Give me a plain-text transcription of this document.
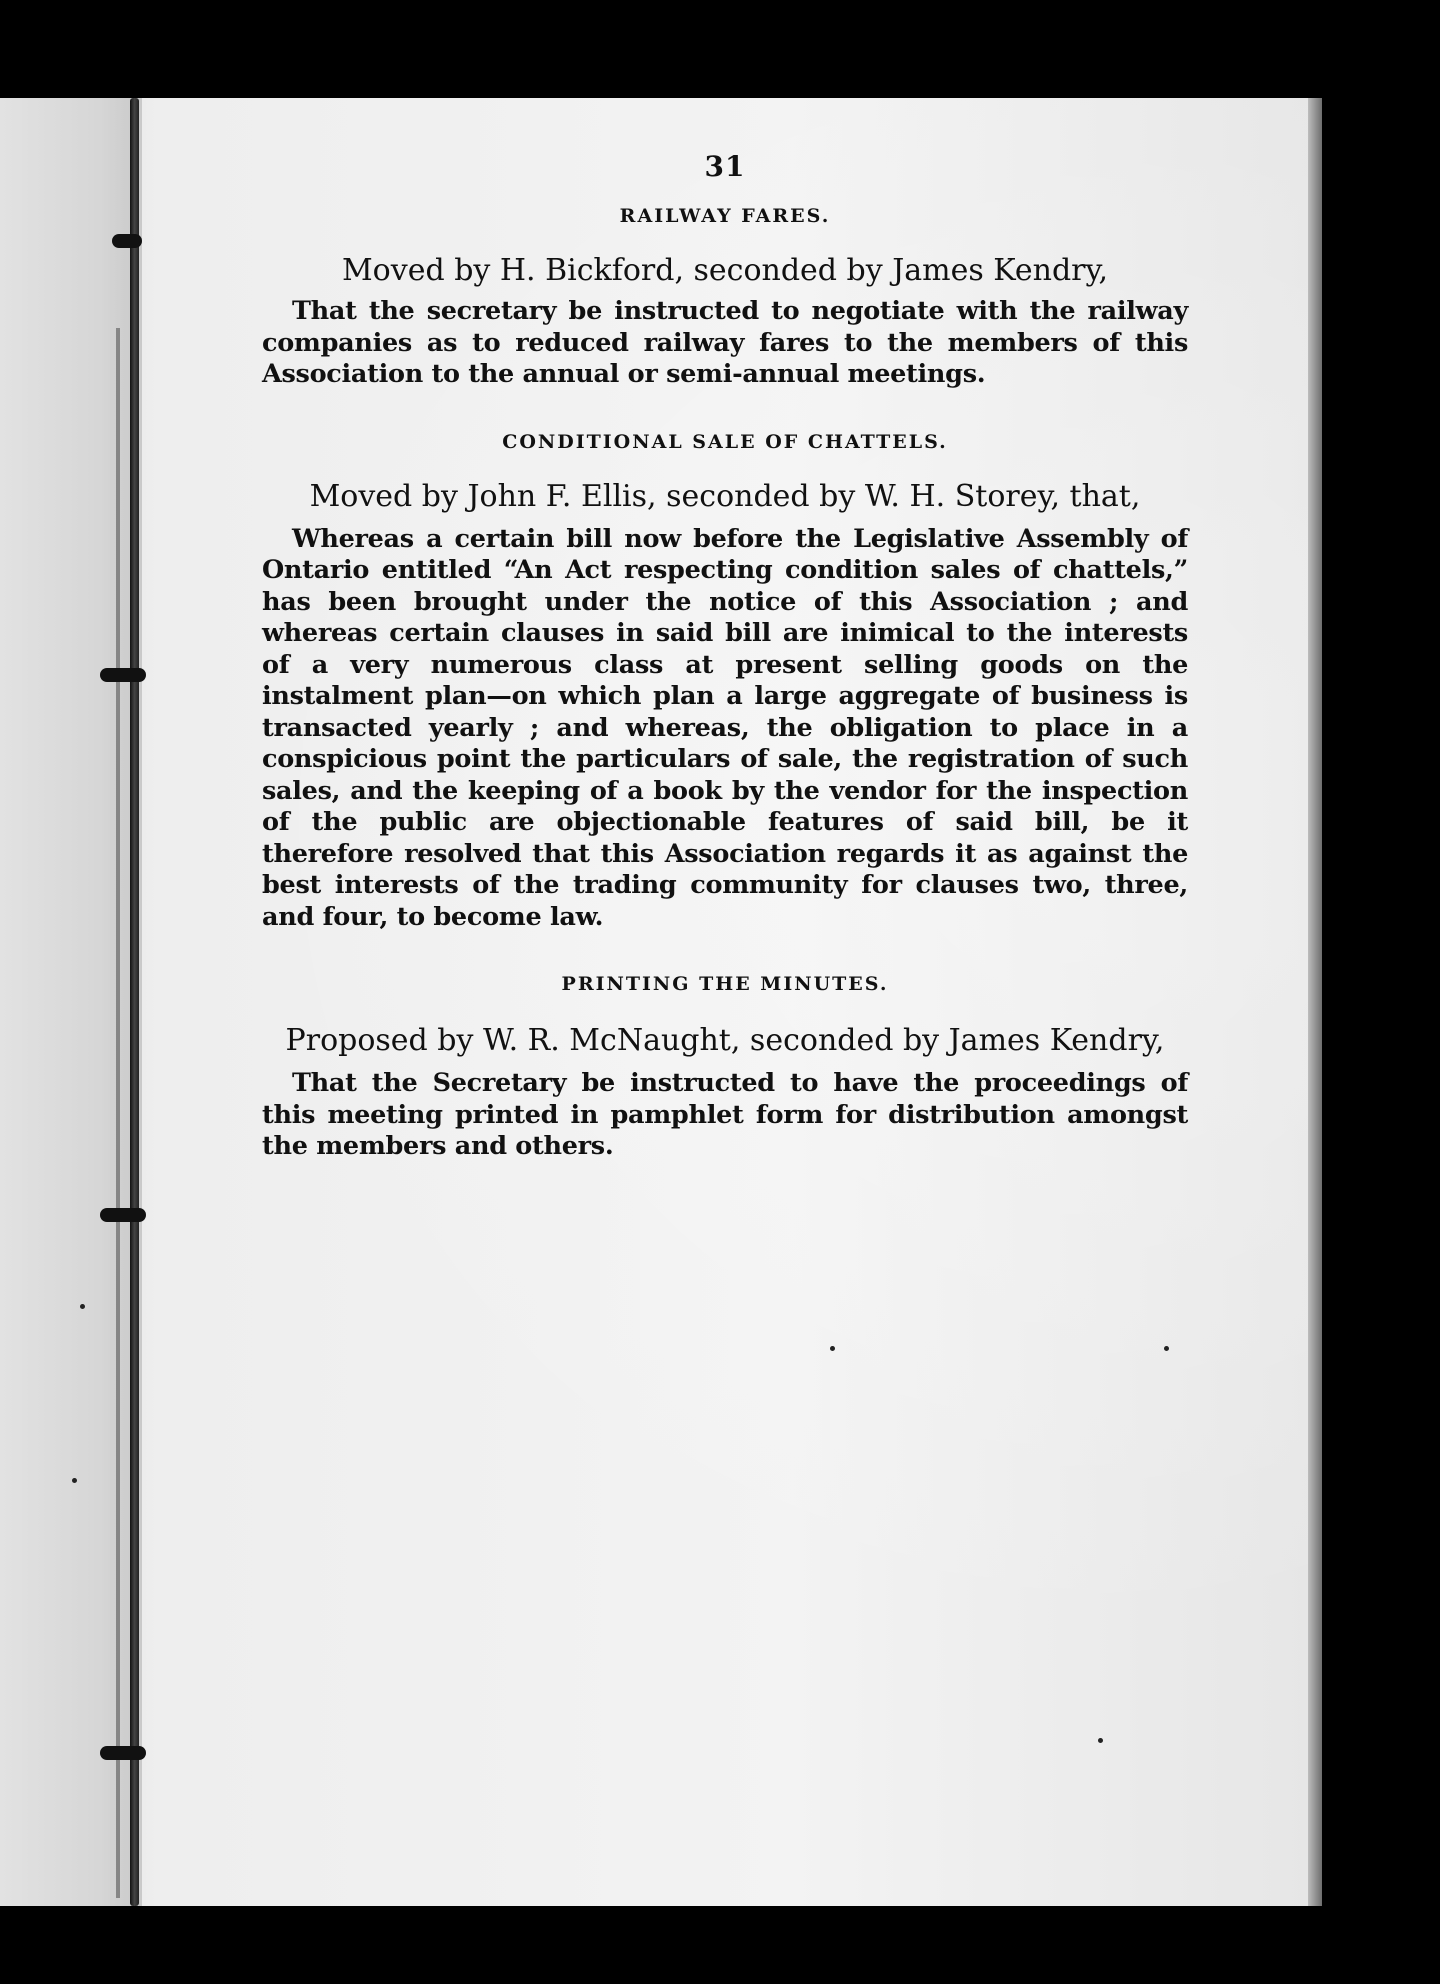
31
RAILWAY FARES.
Moved by H. Bickford, seconded by James Kendry,
That the secretary be instructed to negotiate with the railway companies as to reduced railway fares to the members of this Association to the annual or semi-annual meetings.
CONDITIONAL SALE OF CHATTELS.
Moved by John F. Ellis, seconded by W. H. Storey, that,
Whereas a certain bill now before the Legislative Assembly of Ontario entitled “An Act respecting condition sales of chattels,” has been brought under the notice of this Association ; and whereas certain clauses in said bill are inimical to the interests of a very numerous class at present selling goods on the instalment plan—on which plan a large aggregate of business is transacted yearly ; and whereas, the obligation to place in a conspicious point the particulars of sale, the registration of such sales, and the keeping of a book by the vendor for the inspection of the public are objectionable features of said bill, be it therefore resolved that this Association regards it as against the best interests of the trading community for clauses two, three, and four, to become law.
PRINTING THE MINUTES.
Proposed by W. R. McNaught, seconded by James Kendry,
That the Secretary be instructed to have the proceedings of this meeting printed in pamphlet form for distribution amongst the members and others.
